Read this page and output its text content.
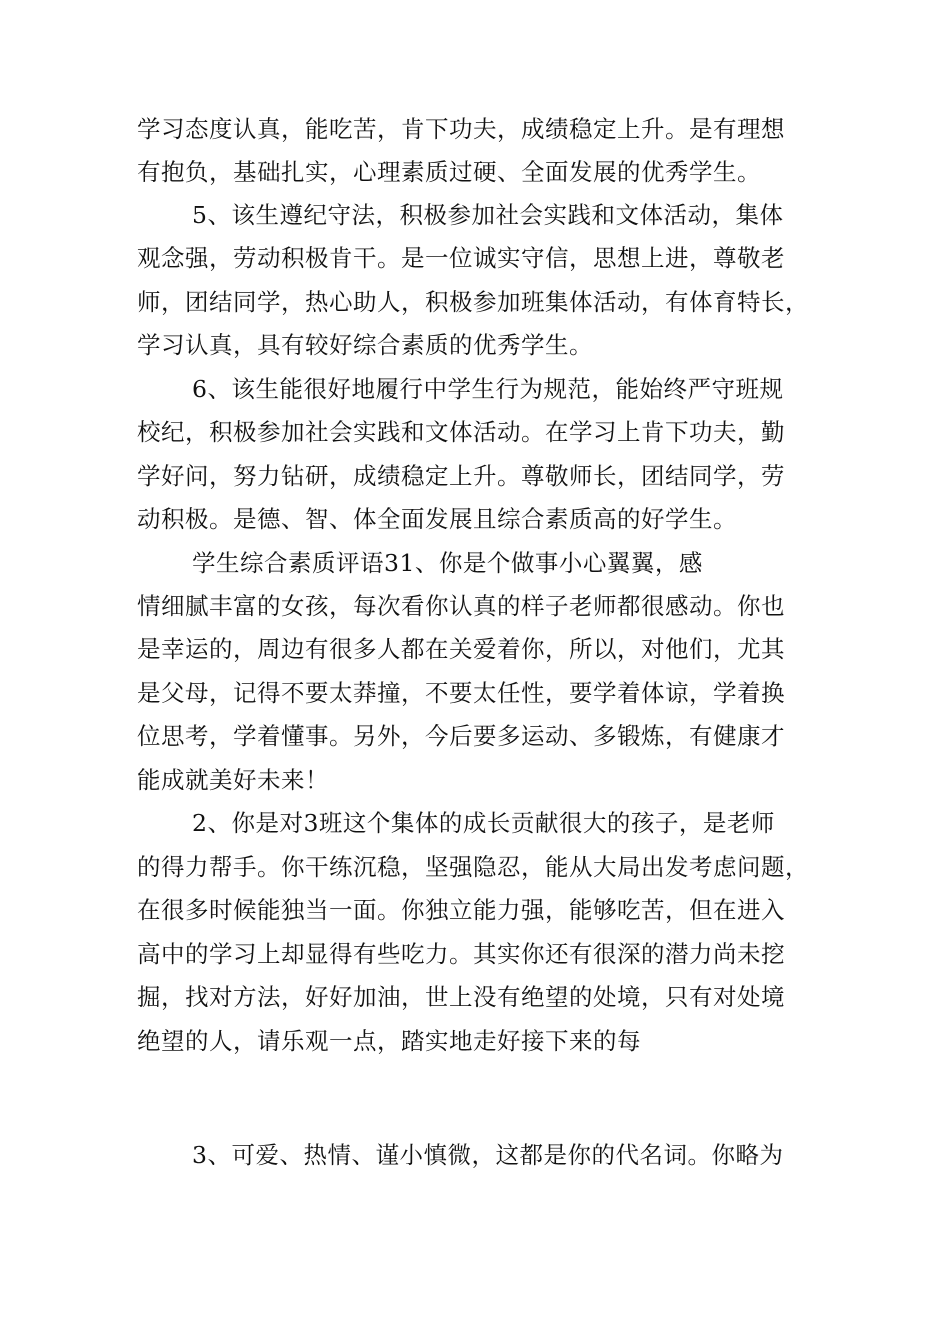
学习态度认真，能吃苦，肯下功夫，成绩稳定上升。是有理想
有抱负，基础扎实，心理素质过硬、全面发展的优秀学生。
5、该生遵纪守法，积极参加社会实践和文体活动，集体
观念强，劳动积极肯干。是一位诚实守信，思想上进，尊敬老
师，团结同学，热心助人，积极参加班集体活动，有体育特长，
学习认真，具有较好综合素质的优秀学生。
6、该生能很好地履行中学生行为规范，能始终严守班规
校纪，积极参加社会实践和文体活动。在学习上肯下功夫，勤
学好问，努力钻研，成绩稳定上升。尊敬师长，团结同学，劳
动积极。是德、智、体全面发展且综合素质高的好学生。
学生综合素质评语31、你是个做事小心翼翼，感
情细腻丰富的女孩，每次看你认真的样子老师都很感动。你也
是幸运的，周边有很多人都在关爱着你，所以，对他们，尤其
是父母，记得不要太莽撞，不要太任性，要学着体谅，学着换
位思考，学着懂事。另外，今后要多运动、多锻炼，有健康才
能成就美好未来！
2、你是对3班这个集体的成长贡献很大的孩子，是老师
的得力帮手。你干练沉稳，坚强隐忍，能从大局出发考虑问题，
在很多时候能独当一面。你独立能力强，能够吃苦，但在进入
高中的学习上却显得有些吃力。其实你还有很深的潜力尚未挖
掘，找对方法，好好加油，世上没有绝望的处境，只有对处境
绝望的人，请乐观一点，踏实地走好接下来的每
3、可爱、热情、谨小慎微，这都是你的代名词。你略为
